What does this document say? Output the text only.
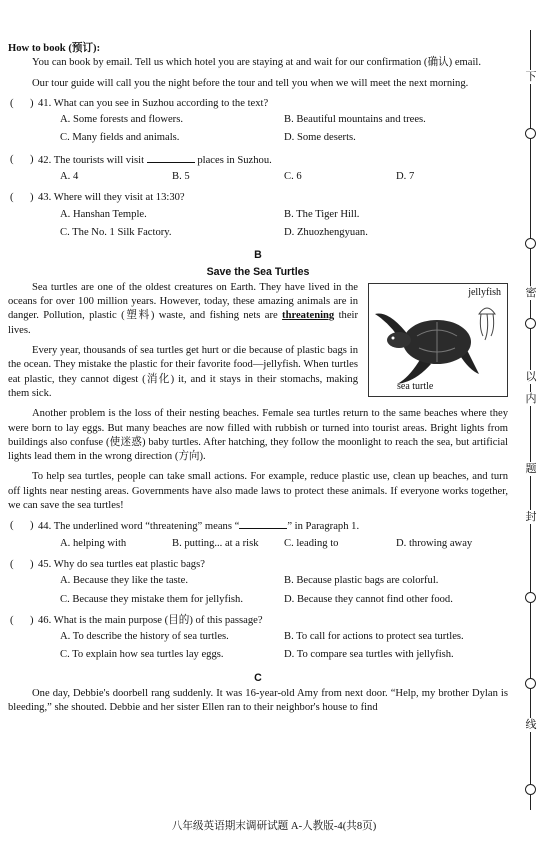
How to book (预订):

You can book by email. Tell us which hotel you are staying at and wait for our confirmation (确认) email.

Our tour guide will call you the night before the tour and tell you when we will meet the next morning.

( ) 41. What can you see in Suzhou according to the text?
A. Some forests and flowers.	B. Beautiful mountains and trees.
C. Many fields and animals.	D. Some deserts.
( ) 42. The tourists will visit	places in Suzhou.
A. 4	B. 5	C. 6	D. 7
( ) 43. Where will they visit at 13:30?
A. Hanshan Temple.	B. The Tiger Hill.
C. The No. 1 Silk Factory.	D. Zhuozhengyuan.

B

Save the Sea Turtles

Sea turtles are one of the oldest creatures on Earth. They have lived in the oceans for over 100 million years. However, today, these amazing animals are in danger. Pollution, plastic (塑料) waste, and fishing nets are threatening their lives.

Every year, thousands of sea turtles get hurt or die because of plastic bags in the ocean. They mistake the plastic for their favorite food—jellyfish. When turtles eat plastic, they cannot digest (消化) it, and it stays in their stomachs, making them sick.

jellyfish
sea turtle

Another problem is the loss of their nesting beaches. Female sea turtles return to the same beaches where they were born to lay eggs. But many beaches are now filled with rubbish or turned into tourist areas. Bright lights from buildings also confuse (使迷惑) baby turtles. After hatching, they follow the moonlight to reach the sea, but artificial lights lead them in the wrong direction (方向).

To help sea turtles, people can take small actions. For example, reduce plastic use, clean up beaches, and turn off lights near nesting areas. Governments have also made laws to protect these animals. If everyone works together, we can save the sea turtles!

( ) 44. The underlined word “threatening” means “	” in Paragraph 1.
A. helping with	B. putting... at a risk	C. leading to	D. throwing away
( ) 45. Why do sea turtles eat plastic bags?
A. Because they like the taste.	B. Because plastic bags are colorful.
C. Because they mistake them for jellyfish.	D. Because they cannot find other food.
( ) 46. What is the main purpose (目的) of this passage?
A. To describe the history of sea turtles.	B. To call for actions to protect sea turtles.
C. To explain how sea turtles lay eggs.	D. To compare sea turtles with jellyfish.

C

One day, Debbie's doorbell rang suddenly. It was 16-year-old Amy from next door. “Help, my brother Dylan is bleeding,” she shouted. Debbie and her sister Ellen ran to their neighbor's house to find

八年级英语期末调研试题 A-人教版-4(共8页)
下
密
以
内
题
封
线
